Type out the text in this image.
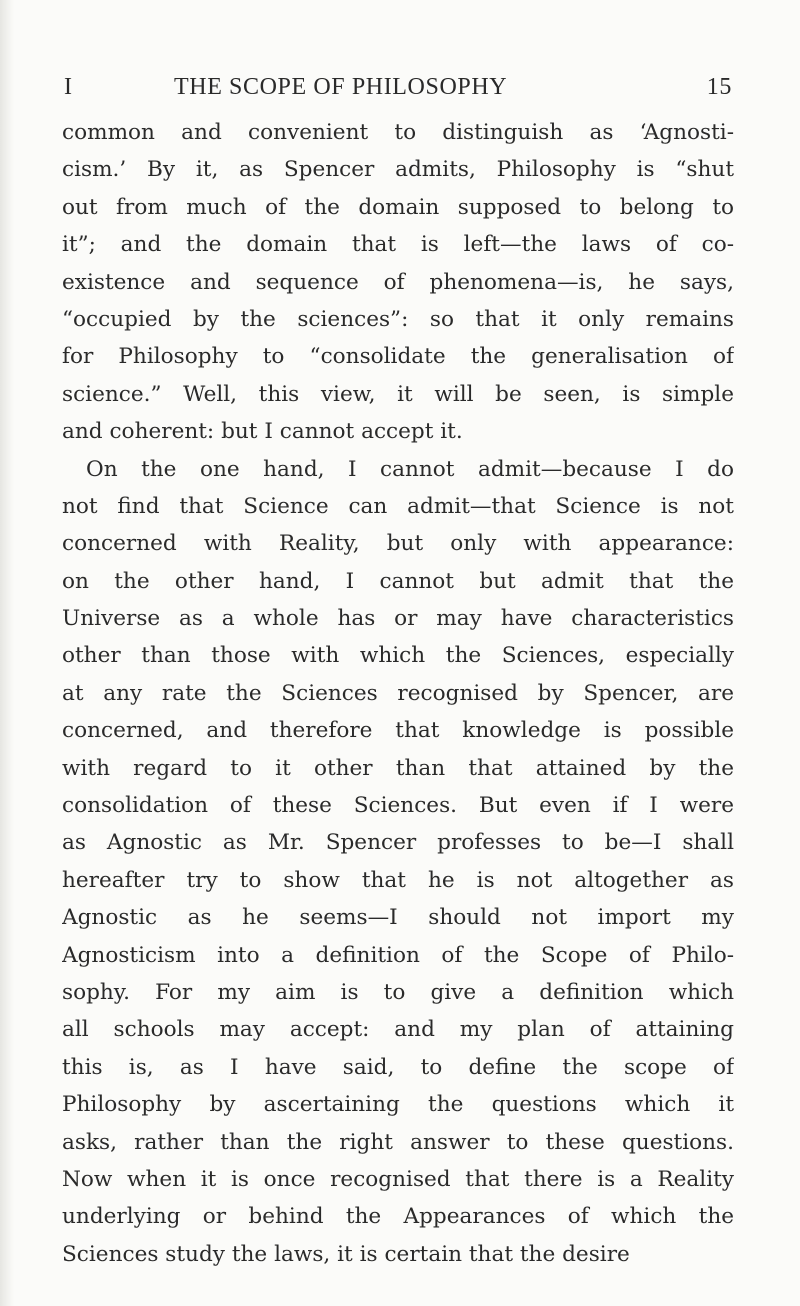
I	THE SCOPE OF PHILOSOPHY	15
common and convenient to distinguish as ‘Agnosti-
cism.’ By it, as Spencer admits, Philosophy is “shut
out from much of the domain supposed to belong to
it”; and the domain that is left—the laws of co-
existence and sequence of phenomena—is, he says,
“occupied by the sciences”: so that it only remains
for Philosophy to “consolidate the generalisation of
science.” Well, this view, it will be seen, is simple
and coherent: but I cannot accept it.
On the one hand, I cannot admit—because I do
not find that Science can admit—that Science is not
concerned with Reality, but only with appearance:
on the other hand, I cannot but admit that the
Universe as a whole has or may have characteristics
other than those with which the Sciences, especially
at any rate the Sciences recognised by Spencer, are
concerned, and therefore that knowledge is possible
with regard to it other than that attained by the
consolidation of these Sciences. But even if I were
as Agnostic as Mr. Spencer professes to be—I shall
hereafter try to show that he is not altogether as
Agnostic as he seems—I should not import my
Agnosticism into a definition of the Scope of Philo-
sophy. For my aim is to give a definition which
all schools may accept: and my plan of attaining
this is, as I have said, to define the scope of
Philosophy by ascertaining the questions which it
asks, rather than the right answer to these questions.
Now when it is once recognised that there is a Reality
underlying or behind the Appearances of which the
Sciences study the laws, it is certain that the desire
